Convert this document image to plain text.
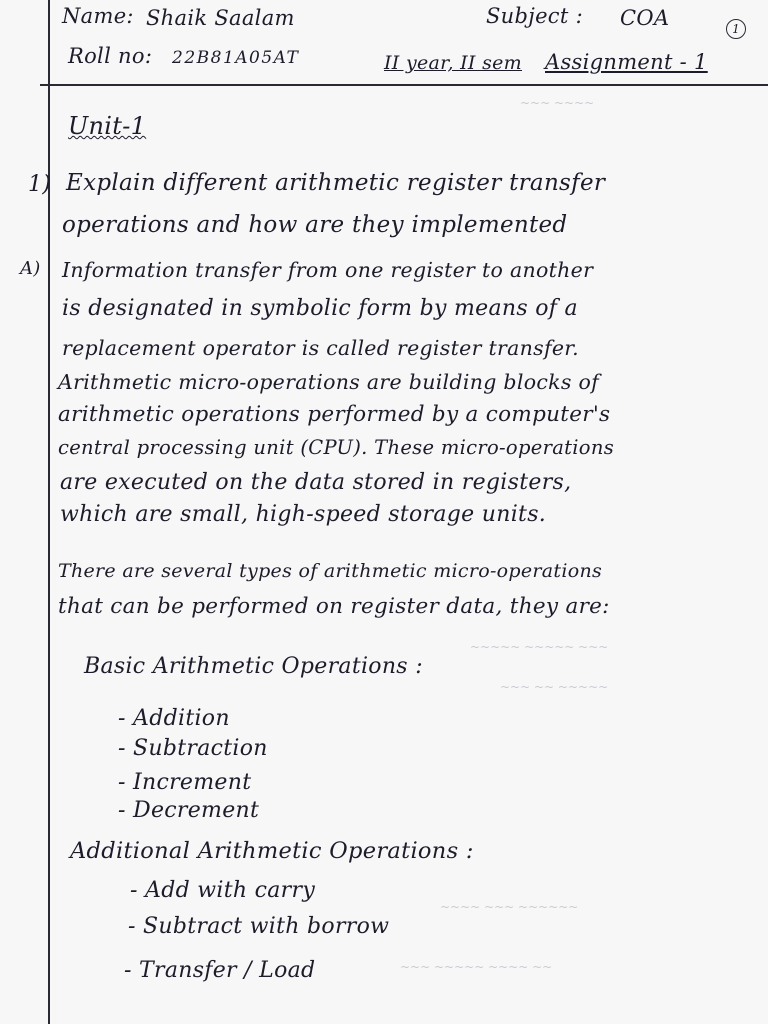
~~~ ~~~~
~~~~~ ~~~~~ ~~~
~~~ ~~ ~~~~~
~~~~ ~~~ ~~~~~~
~~~ ~~~~~ ~~~~ ~~
Name: Shaik Saalam	Subject : COA	1
Roll no: 22B81A05AT	II year, II sem Assignment - 1
Unit-1
1) Explain different arithmetic register transfer
operations and how are they implemented
A) Information transfer from one register to another
is designated in symbolic form by means of a
replacement operator is called register transfer.
Arithmetic micro-operations are building blocks of
arithmetic operations performed by a computer's
central processing unit (CPU). These micro-operations
are executed on the data stored in registers,
which are small, high-speed storage units.
There are several types of arithmetic micro-operations
that can be performed on register data, they are:
Basic Arithmetic Operations :
- Addition
- Subtraction
- Increment
- Decrement
Additional Arithmetic Operations :
- Add with carry
- Subtract with borrow
- Transfer / Load
